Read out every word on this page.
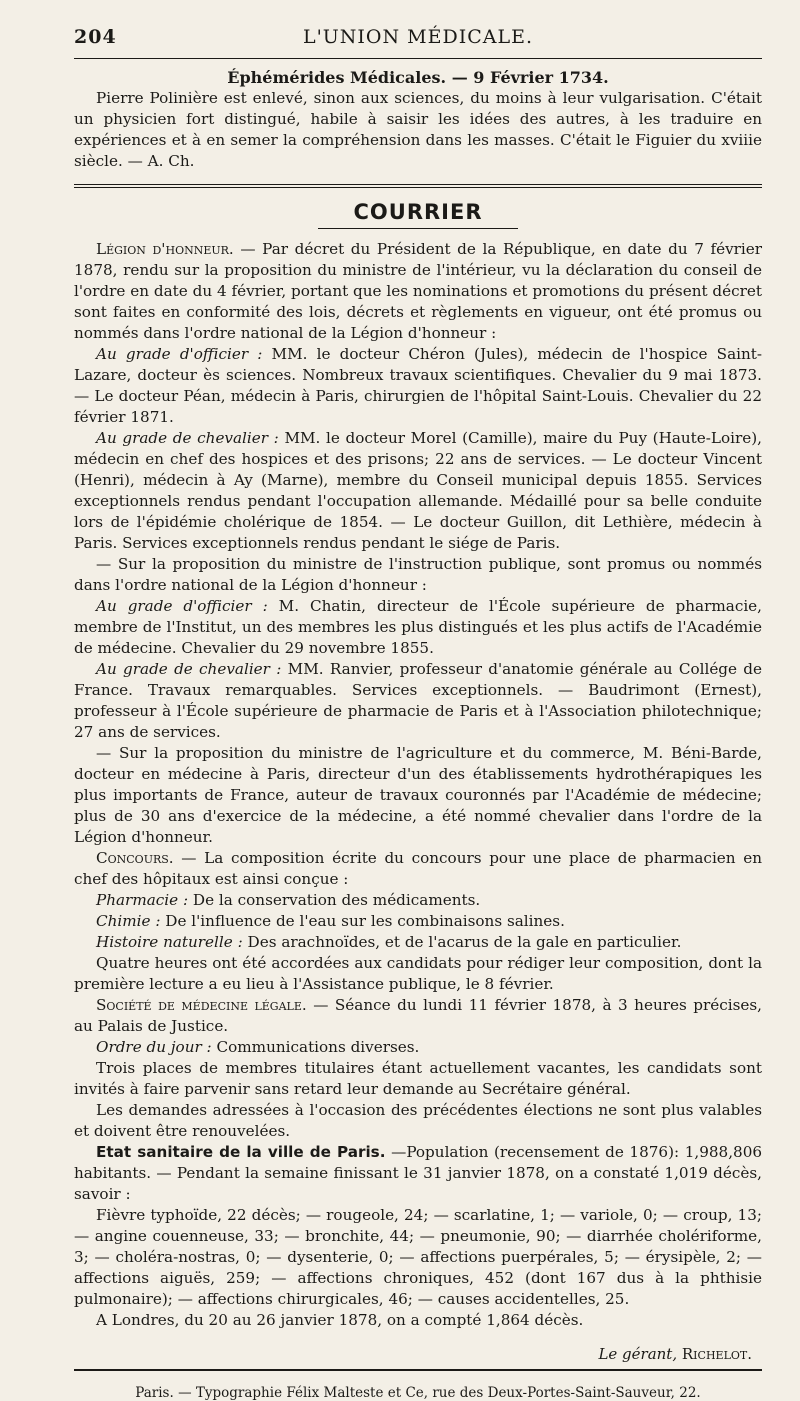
204	L'UNION MÉDICALE.
Éphémérides Médicales. — 9 Février 1734.

Pierre Polinière est enlevé, sinon aux sciences, du moins à leur vulgarisation. C'était un physicien fort distingué, habile à saisir les idées des autres, à les traduire en expériences et à en semer la compréhension dans les masses. C'était le Figuier du xviiie siècle. — A. Ch.

COURRIER

Légion d'honneur. — Par décret du Président de la République, en date du 7 février 1878, rendu sur la proposition du ministre de l'intérieur, vu la déclaration du conseil de l'ordre en date du 4 février, portant que les nominations et promotions du présent décret sont faites en conformité des lois, décrets et règlements en vigueur, ont été promus ou nommés dans l'ordre national de la Légion d'honneur :

Au grade d'officier : MM. le docteur Chéron (Jules), médecin de l'hospice Saint-Lazare, docteur ès sciences. Nombreux travaux scientifiques. Chevalier du 9 mai 1873. — Le docteur Péan, médecin à Paris, chirurgien de l'hôpital Saint-Louis. Chevalier du 22 février 1871.

Au grade de chevalier : MM. le docteur Morel (Camille), maire du Puy (Haute-Loire), médecin en chef des hospices et des prisons; 22 ans de services. — Le docteur Vincent (Henri), médecin à Ay (Marne), membre du Conseil municipal depuis 1855. Services exceptionnels rendus pendant l'occupation allemande. Médaillé pour sa belle conduite lors de l'épidémie cholérique de 1854. — Le docteur Guillon, dit Lethière, médecin à Paris. Services exceptionnels rendus pendant le siége de Paris.

— Sur la proposition du ministre de l'instruction publique, sont promus ou nommés dans l'ordre national de la Légion d'honneur :

Au grade d'officier : M. Chatin, directeur de l'École supérieure de pharmacie, membre de l'Institut, un des membres les plus distingués et les plus actifs de l'Académie de médecine. Chevalier du 29 novembre 1855.

Au grade de chevalier : MM. Ranvier, professeur d'anatomie générale au Collége de France. Travaux remarquables. Services exceptionnels. — Baudrimont (Ernest), professeur à l'École supérieure de pharmacie de Paris et à l'Association philotechnique; 27 ans de services.

— Sur la proposition du ministre de l'agriculture et du commerce, M. Béni-Barde, docteur en médecine à Paris, directeur d'un des établissements hydrothérapiques les plus importants de France, auteur de travaux couronnés par l'Académie de médecine; plus de 30 ans d'exercice de la médecine, a été nommé chevalier dans l'ordre de la Légion d'honneur.

Concours. — La composition écrite du concours pour une place de pharmacien en chef des hôpitaux est ainsi conçue :

Pharmacie : De la conservation des médicaments.

Chimie : De l'influence de l'eau sur les combinaisons salines.

Histoire naturelle : Des arachnoïdes, et de l'acarus de la gale en particulier.

Quatre heures ont été accordées aux candidats pour rédiger leur composition, dont la première lecture a eu lieu à l'Assistance publique, le 8 février.

Société de médecine légale. — Séance du lundi 11 février 1878, à 3 heures précises, au Palais de Justice.

Ordre du jour : Communications diverses.

Trois places de membres titulaires étant actuellement vacantes, les candidats sont invités à faire parvenir sans retard leur demande au Secrétaire général.

Les demandes adressées à l'occasion des précédentes élections ne sont plus valables et doivent être renouvelées.

Etat sanitaire de la ville de Paris. —Population (recensement de 1876): 1,988,806 habitants. — Pendant la semaine finissant le 31 janvier 1878, on a constaté 1,019 décès, savoir :

Fièvre typhoïde, 22 décès; — rougeole, 24; — scarlatine, 1; — variole, 0; — croup, 13; — angine couenneuse, 33; — bronchite, 44; — pneumonie, 90; — diarrhée cholériforme, 3; — choléra-nostras, 0; — dysenterie, 0; — affections puerpérales, 5; — érysipèle, 2; — affections aiguës, 259; — affections chroniques, 452 (dont 167 dus à la phthisie pulmonaire); — affections chirurgicales, 46; — causes accidentelles, 25.

A Londres, du 20 au 26 janvier 1878, on a compté 1,864 décès.

Le gérant, Richelot.
Paris. — Typographie Félix Malteste et Ce, rue des Deux-Portes-Saint-Sauveur, 22.
